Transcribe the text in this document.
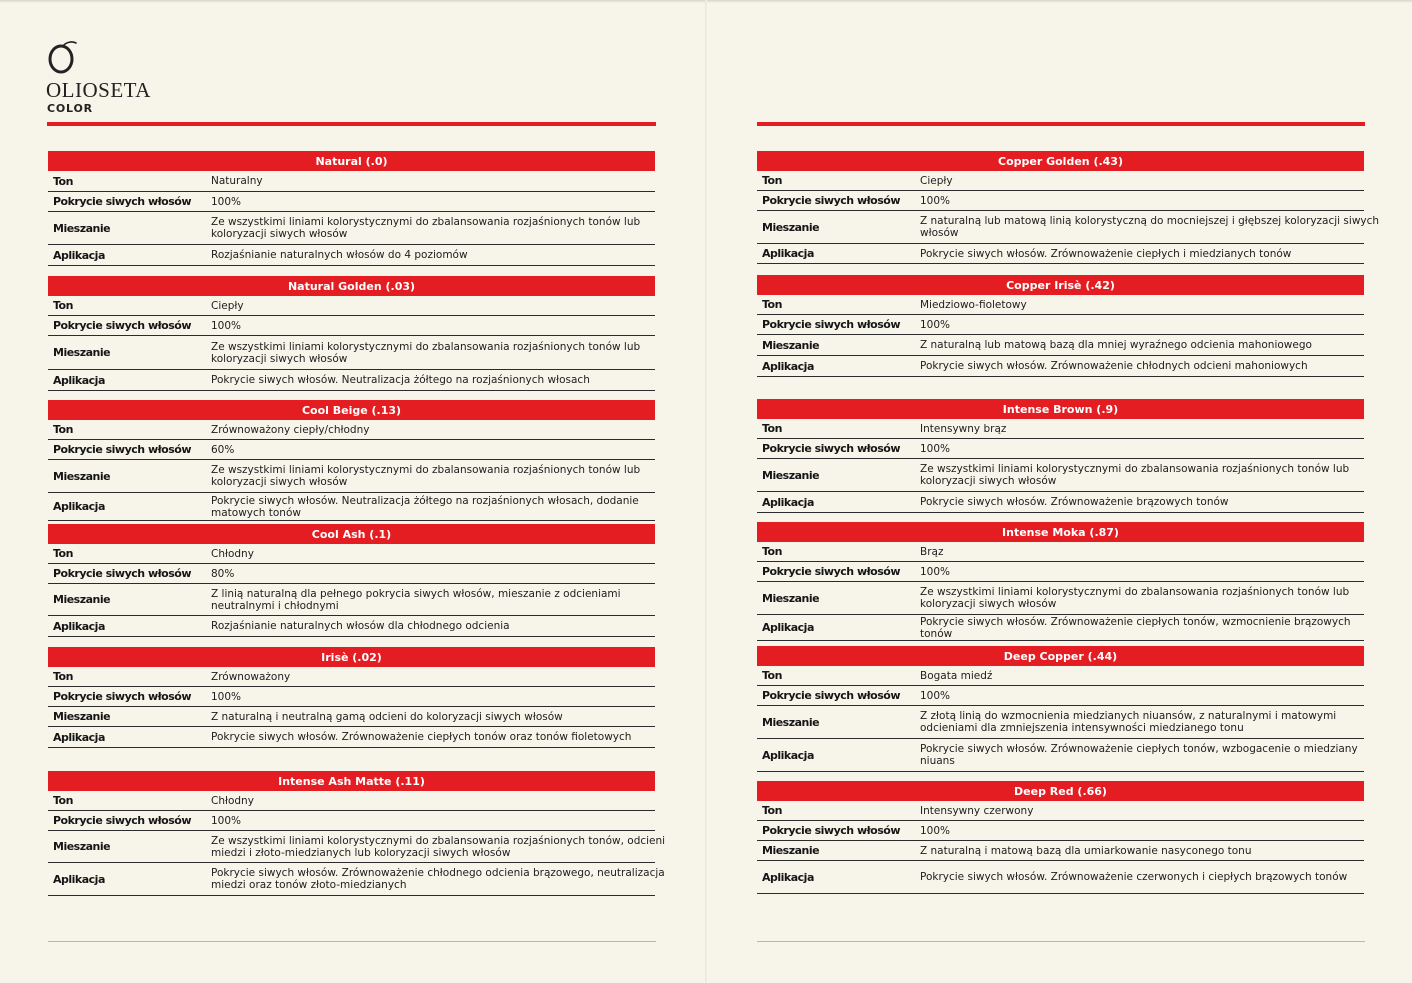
OLIOSETA
COLOR
Natural (.0)
Ton	Naturalny
Pokrycie siwych włosów 100%
Mieszanie	Ze wszystkimi liniami kolorystycznymi do zbalansowania rozjaśnionych tonów lub koloryzacji siwych włosów
Aplikacja	Rozjaśnianie naturalnych włosów do 4 poziomów
Natural Golden (.03)
Ton	Ciepły
Pokrycie siwych włosów 100%
Mieszanie	Ze wszystkimi liniami kolorystycznymi do zbalansowania rozjaśnionych tonów lub koloryzacji siwych włosów
Aplikacja	Pokrycie siwych włosów. Neutralizacja żółtego na rozjaśnionych włosach
Cool Beige (.13)
Ton	Zrównoważony ciepły/chłodny
Pokrycie siwych włosów 60%
Mieszanie	Ze wszystkimi liniami kolorystycznymi do zbalansowania rozjaśnionych tonów lub koloryzacji siwych włosów
Aplikacja	Pokrycie siwych włosów. Neutralizacja żółtego na rozjaśnionych włosach, dodanie matowych tonów
Cool Ash (.1)
Ton	Chłodny
Pokrycie siwych włosów 80%
Mieszanie	Z linią naturalną dla pełnego pokrycia siwych włosów, mieszanie z odcieniami neutralnymi i chłodnymi
Aplikacja	Rozjaśnianie naturalnych włosów dla chłodnego odcienia
Irisè (.02)
Ton	Zrównoważony
Pokrycie siwych włosów 100%
Mieszanie	Z naturalną i neutralną gamą odcieni do koloryzacji siwych włosów
Aplikacja	Pokrycie siwych włosów. Zrównoważenie ciepłych tonów oraz tonów fioletowych
Intense Ash Matte (.11)
Ton	Chłodny
Pokrycie siwych włosów 100%
Mieszanie	Ze wszystkimi liniami kolorystycznymi do zbalansowania rozjaśnionych tonów, odcieni miedzi i złoto-miedzianych lub koloryzacji siwych włosów
Aplikacja	Pokrycie siwych włosów. Zrównoważenie chłodnego odcienia brązowego, neutralizacja miedzi oraz tonów złoto-miedzianych
Copper Golden (.43)
Ton	Ciepły
Pokrycie siwych włosów 100%
Mieszanie	Z naturalną lub matową linią kolorystyczną do mocniejszej i głębszej koloryzacji siwych włosów
Aplikacja	Pokrycie siwych włosów. Zrównoważenie ciepłych i miedzianych tonów
Copper Irisè (.42)
Ton	Miedziowo-fioletowy
Pokrycie siwych włosów 100%
Mieszanie	Z naturalną lub matową bazą dla mniej wyraźnego odcienia mahoniowego
Aplikacja	Pokrycie siwych włosów. Zrównoważenie chłodnych odcieni mahoniowych
Intense Brown (.9)
Ton	Intensywny brąz
Pokrycie siwych włosów 100%
Mieszanie	Ze wszystkimi liniami kolorystycznymi do zbalansowania rozjaśnionych tonów lub koloryzacji siwych włosów
Aplikacja	Pokrycie siwych włosów. Zrównoważenie brązowych tonów
Intense Moka (.87)
Ton	Brąz
Pokrycie siwych włosów 100%
Mieszanie	Ze wszystkimi liniami kolorystycznymi do zbalansowania rozjaśnionych tonów lub koloryzacji siwych włosów
Aplikacja	Pokrycie siwych włosów. Zrównoważenie ciepłych tonów, wzmocnienie brązowych tonów
Deep Copper (.44)
Ton	Bogata miedź
Pokrycie siwych włosów 100%
Mieszanie	Z złotą linią do wzmocnienia miedzianych niuansów, z naturalnymi i matowymi odcieniami dla zmniejszenia intensywności miedzianego tonu
Aplikacja	Pokrycie siwych włosów. Zrównoważenie ciepłych tonów, wzbogacenie o miedziany niuans
Deep Red (.66)
Ton	Intensywny czerwony
Pokrycie siwych włosów 100%
Mieszanie	Z naturalną i matową bazą dla umiarkowanie nasyconego tonu
Aplikacja	Pokrycie siwych włosów. Zrównoważenie czerwonych i ciepłych brązowych tonów
